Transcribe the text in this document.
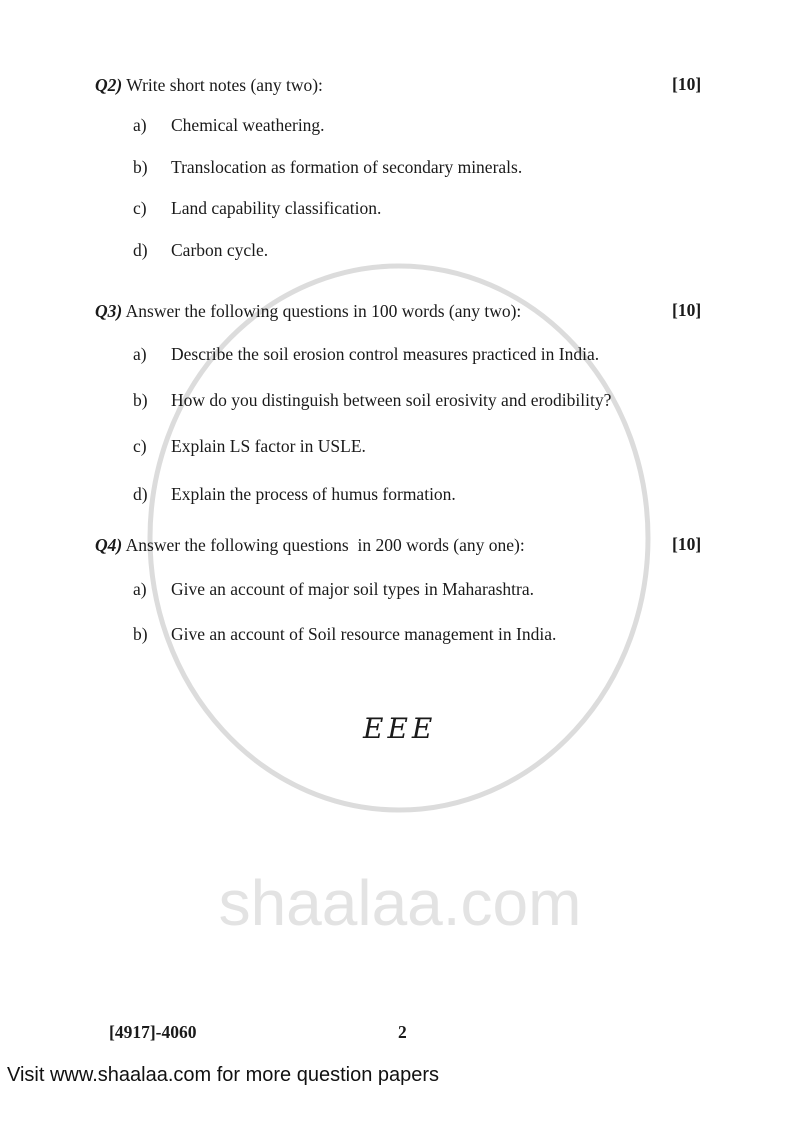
shaalaa.com
Q2) Write short notes (any two):	[10]
a) Chemical weathering.
b) Translocation as formation of secondary minerals.
c) Land capability classification.
d) Carbon cycle.
Q3) Answer the following questions in 100 words (any two):	[10]
a) Describe the soil erosion control measures practiced in India.
b) How do you distinguish between soil erosivity and erodibility?
c) Explain LS factor in USLE.
d) Explain the process of humus formation.
Q4) Answer the following questions  in 200 words (any one):	[10]
a) Give an account of major soil types in Maharashtra.
b) Give an account of Soil resource management in India.
EEE
[4917]-4060	2
Visit www.shaalaa.com for more question papers
